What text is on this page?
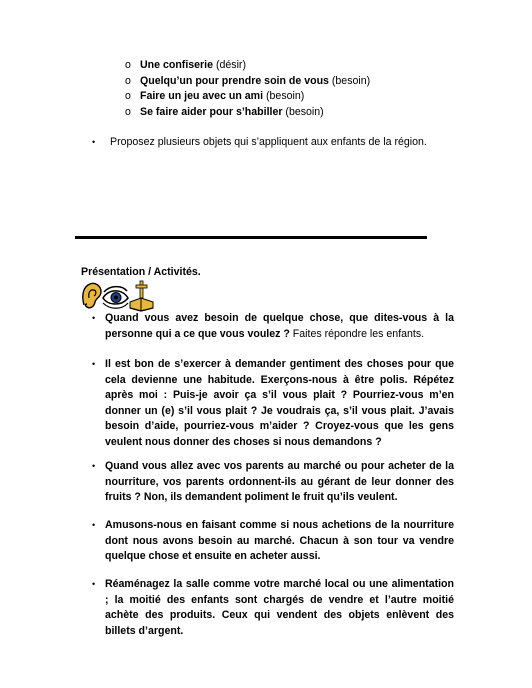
o Une confiserie (désir)
o Quelqu’un pour prendre soin de vous (besoin)
o Faire un jeu avec un ami (besoin)
o Se faire aider pour s’habiller (besoin)
• Proposez plusieurs objets qui s’appliquent aux enfants de la région.
Présentation / Activités.
• Quand vous avez besoin de quelque chose, que dites-vous à la personne qui a ce que vous voulez ? Faites répondre les enfants.
• Il est bon de s’exercer à demander gentiment des choses pour que cela devienne une habitude. Exerçons-nous à être polis. Répétez après moi : Puis-je avoir ça s’il vous plait ? Pourriez-vous m’en donner un (e) s’il vous plait ? Je voudrais ça, s’il vous plait. J’avais besoin d’aide, pourriez-vous m’aider ? Croyez-vous que les gens veulent nous donner des choses si nous demandons ?
• Quand vous allez avec vos parents au marché ou pour acheter de la nourriture, vos parents ordonnent-ils au gérant de leur donner des fruits ? Non, ils demandent poliment le fruit qu’ils veulent.
• Amusons-nous en faisant comme si nous achetions de la nourriture dont nous avons besoin au marché. Chacun à son tour va vendre quelque chose et ensuite en acheter aussi.
• Réaménagez la salle comme votre marché local ou une alimentation ; la moitié des enfants sont chargés de vendre et l’autre moitié achète des produits. Ceux qui vendent des objets enlèvent des billets d’argent.
